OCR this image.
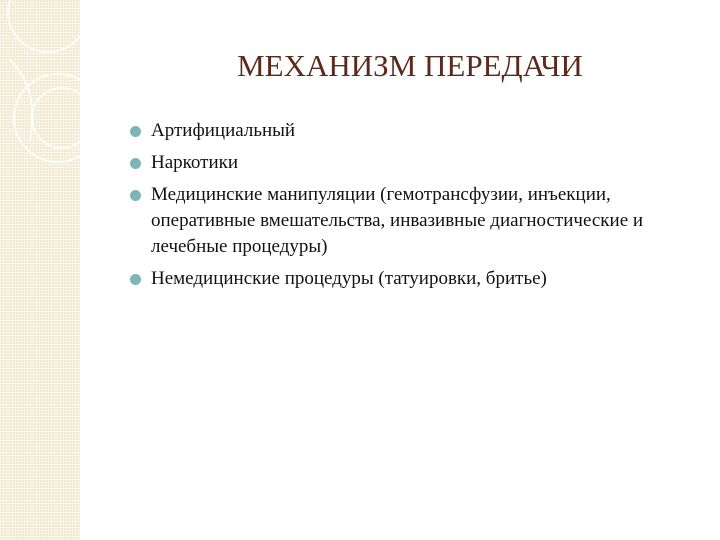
МЕХАНИЗМ ПЕРЕДАЧИ
Артифициальный
Наркотики
Медицинские манипуляции (гемотрансфузии, инъекции, оперативные вмешательства, инвазивные диагностические и лечебные процедуры)
Немедицинские процедуры (татуировки, бритье)
